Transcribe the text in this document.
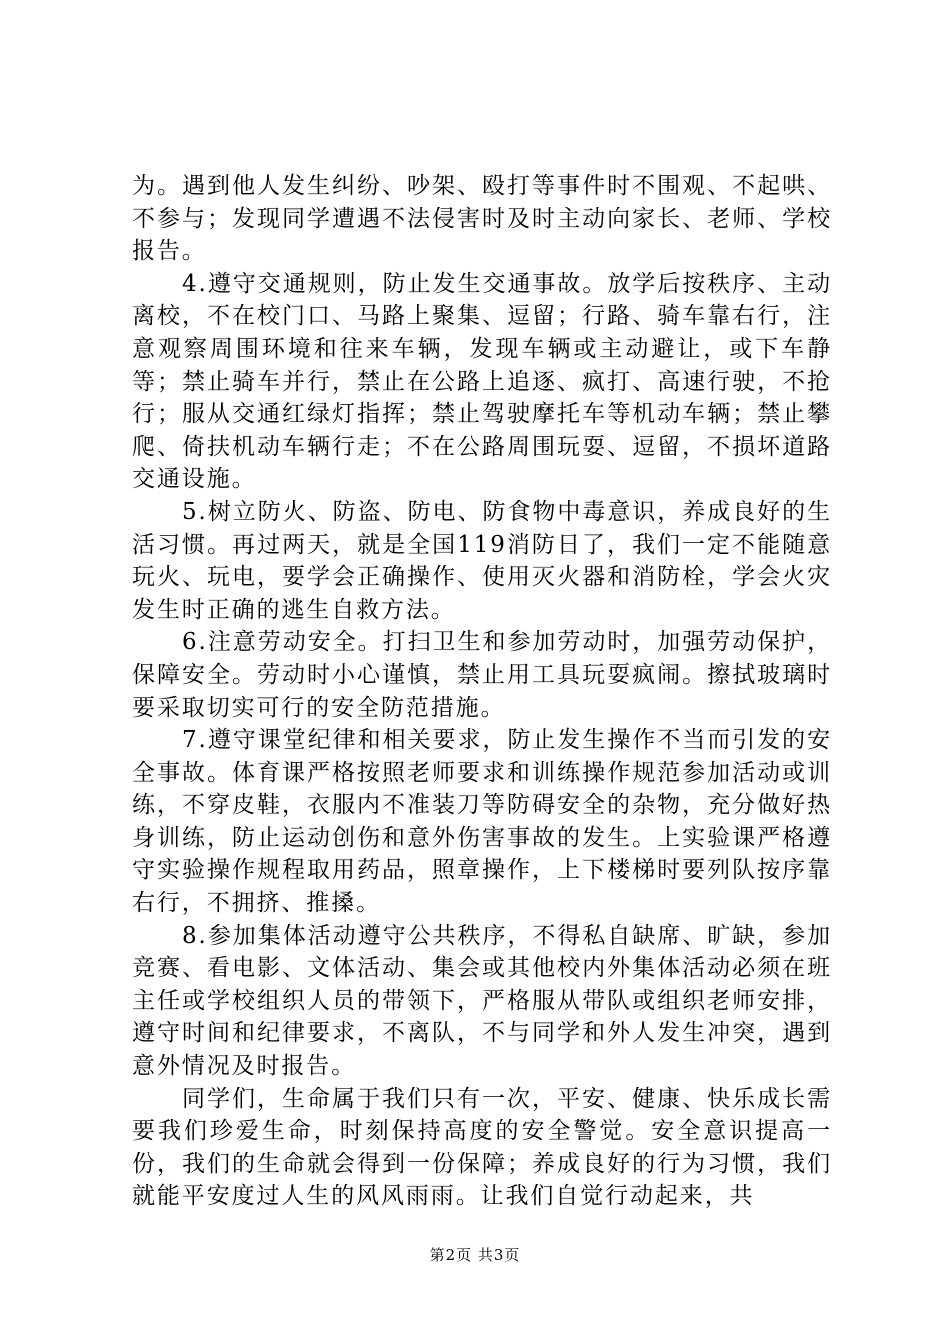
为。遇到他人发生纠纷、吵架、殴打等事件时不围观、不起哄、不参与；发现同学遭遇不法侵害时及时主动向家长、老师、学校报告。

4.遵守交通规则，防止发生交通事故。放学后按秩序、主动离校，不在校门口、马路上聚集、逗留；行路、骑车靠右行，注意观察周围环境和往来车辆，发现车辆或主动避让，或下车静等；禁止骑车并行，禁止在公路上追逐、疯打、高速行驶，不抢行；服从交通红绿灯指挥；禁止驾驶摩托车等机动车辆；禁止攀爬、倚扶机动车辆行走；不在公路周围玩耍、逗留，不损坏道路交通设施。

5.树立防火、防盗、防电、防食物中毒意识，养成良好的生活习惯。再过两天，就是全国119消防日了，我们一定不能随意玩火、玩电，要学会正确操作、使用灭火器和消防栓，学会火灾发生时正确的逃生自救方法。

6.注意劳动安全。打扫卫生和参加劳动时，加强劳动保护，保障安全。劳动时小心谨慎，禁止用工具玩耍疯闹。擦拭玻璃时要采取切实可行的安全防范措施。

7.遵守课堂纪律和相关要求，防止发生操作不当而引发的安全事故。体育课严格按照老师要求和训练操作规范参加活动或训练，不穿皮鞋，衣服内不准装刀等防碍安全的杂物，充分做好热身训练，防止运动创伤和意外伤害事故的发生。上实验课严格遵守实验操作规程取用药品，照章操作，上下楼梯时要列队按序靠右行，不拥挤、推搡。

8.参加集体活动遵守公共秩序，不得私自缺席、旷缺，参加竞赛、看电影、文体活动、集会或其他校内外集体活动必须在班主任或学校组织人员的带领下，严格服从带队或组织老师安排，遵守时间和纪律要求，不离队，不与同学和外人发生冲突，遇到意外情况及时报告。

同学们，生命属于我们只有一次，平安、健康、快乐成长需要我们珍爱生命，时刻保持高度的安全警觉。安全意识提高一份，我们的生命就会得到一份保障；养成良好的行为习惯，我们就能平安度过人生的风风雨雨。让我们自觉行动起来，共

第2页 共3页
